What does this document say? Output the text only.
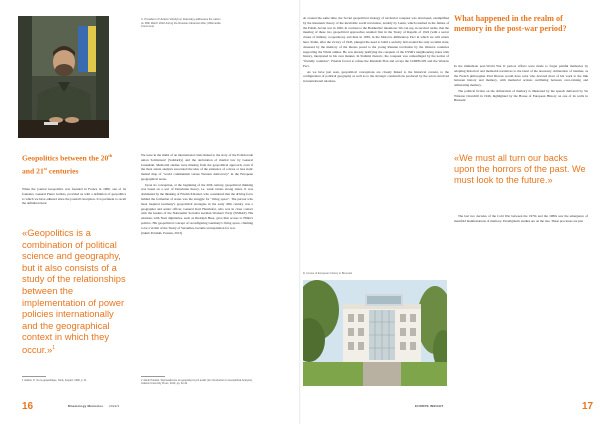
C. President of Ukraine Volodymyr Zelenskyy addresses the nation on 28th March 2022 during the Russian-Ukrainian War. (Wikimedia Commons)
Geopolitics between the 20th and 21st centuries

When the journal Geopolitics was founded in France in 1980, one of its founders, General Pierre Gallois, provided us with a definition of geopolitics to which we have adhered since the journal's inception. It is pertinent to recall the definition here:

«Geopolitics is a combination of political science and geography, but it also consists of a study of the relationships between the implementation of power policies internationally and the geographical context in which they occur.»$^1$
1 Gallois, P., De la géopolitique, Paris, Fayard, 1990, p. 11

We were in the midst of an international crisis linked to the story of the Polish trade union Solidarność (Solidarity) and the declaration of martial law by General Jaruzelski. Memorial studies were missing from the geopolitical approach, even if the most astute analysts associated the idea of the existence of a more or less static mental map of "world communism versus Western democracy" in the European geographical arena.

Upon its conception, at the beginning of the 20th century, geopolitical thinking was based on a sort of Darwinian theory, i.e. weak versus strong states. It was dominated by the thinking of Friedrich Ratzel, who considered that the driving force behind the formation of states was the struggle for "living space". The person who most inspired Germany's geopolitical strategies in the early 20th century was a geographer and senior officer, General Karl Haushofer, who was in close contact with the leaders of the Nationalist Socialist German Workers' Party (NSDAP). His relations with Nazi dignitaries, such as Rudolph Hess, gave him access to Hitler's politics. His geopolitical concept of reconfiguring Germany's living space, claiming to be a victim of the Treaty of Versailles, became an inspiration for war.

(Jakub Potulski, Poznan, 2013)

2 Jakub Potulski, Wprowadzenie do geopolitycznych analiz (An Introduction to Geopolitical Analysis), Gdansk University Press, 2010, pp. 42-44
16	Mnemology Memories 2022/1

At around the same time, the Soviet geopolitical strategy of territorial conquest was developed, exemplified by the messianic theory of the inevitable world revolution, notably by Lenin, which resulted in the failure of the Polish–Soviet war in 1920, in contrast to the Bolsheviks' intentions. We can say, in succinct terms, that the meeting of these two geopolitical approaches resulted first in the Treaty of Rapallo of 1922 (with a secret clause of military cooperation), and then in 1939, in the Molotov–Ribbentrop Pact in which we will return later. Stalin, after the victory of 1945, plunged the need to build a security belt around the only socialist state, obsessed by the memory of the threats posed to the young Russian revolution by the Western countries supporting the White armies. He was already justifying the conquest of the USSR's neighbouring states with history, interpreted in his own manner. In Stalinist rhetoric, the conquest was camouflaged by the notion of "friendly countries". Friends forced to refuse the Marshall Plan and accept the COMECON and the Warsaw Pact.

As we have just seen, geopolitical conceptions are closely linked to the historical context, to the configuration of political geography as well as to the strategic constructions produced by the actors involved in international relations.

D. House of European history in Brussels
What happened in the realm of memory in the post-war period?

In the immediate post-World War II period, efforts were made to forget painful memories by adopting historical and memorial narratives to the ideal of the necessary obliteration of traumas, as the French philosopher Paul Ricœur would have said, who devoted most of his work to the link between history and memory, with memorial actions oscillating between over-valuing and obliterating memory.

The political fiction on the obliteration of memory is illustrated by the speech delivered by Sir Winston Churchill in 1946, highlighted by the House of European History on one of its walls in Brussels:

«We must all turn our backs upon the horrors of the past. We must look to the future.»

The last two decades of the Cold War between the 1970s and the 1980s saw the emergence of manifold manifestations of memory. Paradigmatic studies are on the rise. These processes are just

17
EUROPE INSIGHT
